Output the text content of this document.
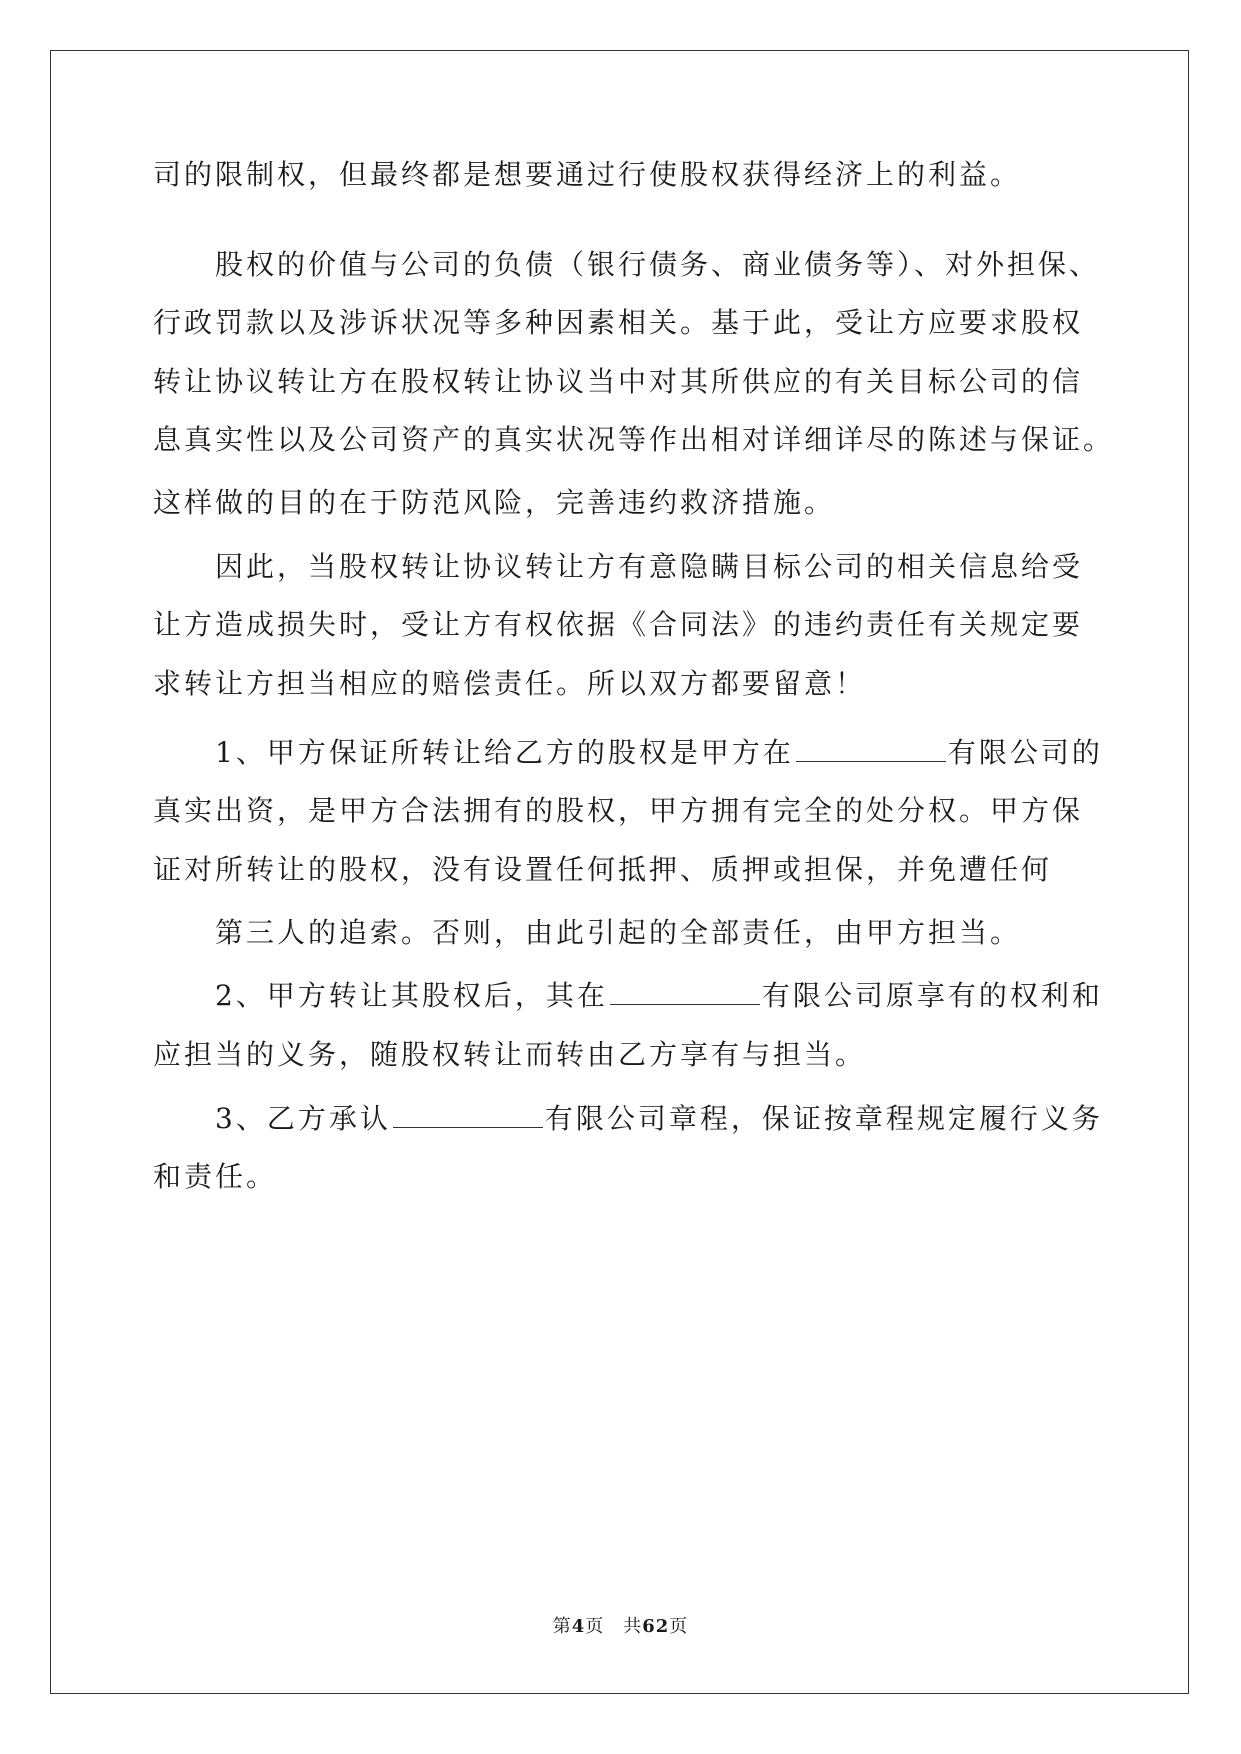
司的限制权，但最终都是想要通过行使股权获得经济上的利益。
股权的价值与公司的负债（银行债务、商业债务等）、对外担保、
行政罚款以及涉诉状况等多种因素相关。基于此，受让方应要求股权
转让协议转让方在股权转让协议当中对其所供应的有关目标公司的信
息真实性以及公司资产的真实状况等作出相对详细详尽的陈述与保证。
这样做的目的在于防范风险，完善违约救济措施。
因此，当股权转让协议转让方有意隐瞒目标公司的相关信息给受
让方造成损失时，受让方有权依据《合同法》的违约责任有关规定要
求转让方担当相应的赔偿责任。所以双方都要留意！
1、甲方保证所转让给乙方的股权是甲方在	有限公司的
真实出资，是甲方合法拥有的股权，甲方拥有完全的处分权。甲方保
证对所转让的股权，没有设置任何抵押、质押或担保，并免遭任何
第三人的追索。否则，由此引起的全部责任，由甲方担当。
2、甲方转让其股权后，其在	有限公司原享有的权利和
应担当的义务，随股权转让而转由乙方享有与担当。
3、乙方承认	有限公司章程，保证按章程规定履行义务
和责任。
第4页　共62页
